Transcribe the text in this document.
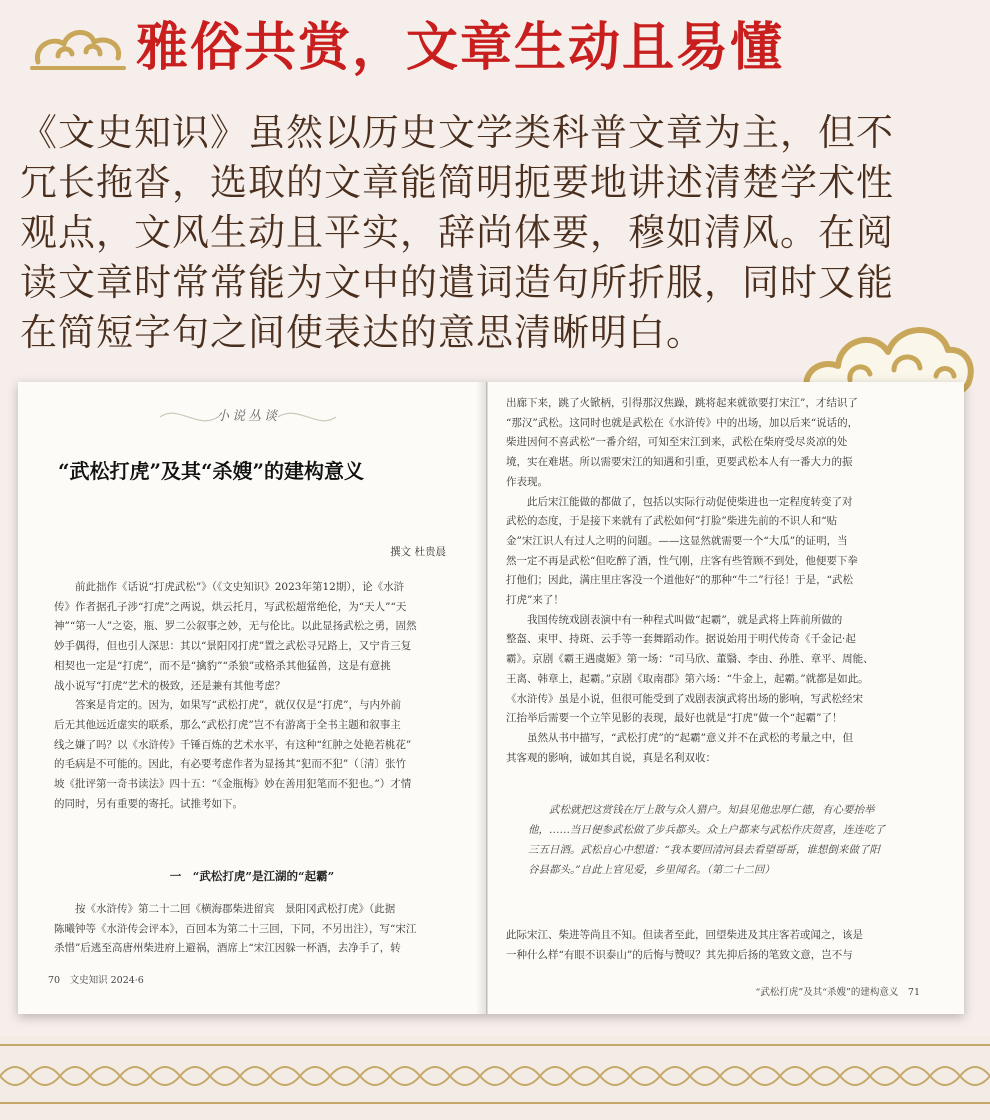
雅俗共赏，文章生动且易懂
《文史知识》虽然以历史文学类科普文章为主，但不
冗长拖沓，选取的文章能简明扼要地讲述清楚学术性
观点，文风生动且平实，辞尚体要，穆如清风。在阅
读文章时常常能为文中的遣词造句所折服，同时又能
在简短字句之间使表达的意思清晰明白。
小说丛谈
“武松打虎”及其“杀嫂”的建构意义
撰文 杜贵晨

前此拙作《话说“打虎武松”》（《文史知识》2023年第12期），论《水浒

传》作者据孔子涉“打虎”之两说，烘云托月，写武松超常绝伦，为“天人”“天

神”“第一人”之姿，瓶、罗二公叙事之妙，无与伦比。以此显扬武松之勇，固然

妙手偶得，但也引人深思：其以“景阳冈打虎”置之武松寻兄路上，又宁肯三复

相契也一定是“打虎”，而不是“擒豹”“杀狼”或格杀其他猛兽，这是有意挑

战小说写“打虎”艺术的极致，还是兼有其他考虑？

答案是肯定的。因为，如果写“武松打虎”，就仅仅是“打虎”，与内外前

后无其他远近虚实的联系，那么“武松打虎”岂不有游离于全书主题和叙事主

线之嫌了吗？以《水浒传》千锤百炼的艺术水平，有这种“红肿之处艳若桃花”

的毛病是不可能的。因此，有必要考虑作者为显扬其“犯而不犯”（〔清〕张竹

坡《批评第一奇书读法》四十五：“《金瓶梅》妙在善用犯笔而不犯也。”）才情

的同时，另有重要的寄托。试推考如下。

一　“武松打虎”是江湖的“起霸”

按《水浒传》第二十二回《横海郡柴进留宾　景阳冈武松打虎》（此据

陈曦钟等《水浒传会评本》，百回本为第二十三回，下同，不另出注），写“宋江

杀惜”后逃至高唐州柴进府上避祸，酒席上“宋江因躲一杯酒，去净手了，转

70　文史知识 2024·6

出廊下来，跳了火锨柄，引得那汉焦躁，跳将起来就欲要打宋江”，才结识了

“那汉”武松。这同时也就是武松在《水浒传》中的出场，加以后来“说话的，

柴进因何不喜武松”一番介绍，可知至宋江到来，武松在柴府受尽炎凉的处

境，实在难堪。所以需要宋江的知遇和引重，更要武松本人有一番大力的振

作表现。

此后宋江能做的都做了，包括以实际行动促使柴进也一定程度转变了对

武松的态度，于是接下来就有了武松如何“打脸”柴进先前的不识人和“贴

金”宋江识人有过人之明的问题。——这显然就需要一个“大瓜”的证明，当

然一定不再是武松“但吃醉了酒，性气刚，庄客有些管顾不到处，他便要下拳

打他们；因此，满庄里庄客没一个道他好”的那种“牛二”行径！于是，“武松

打虎”来了！

我国传统戏剧表演中有一种程式叫做“起霸”，就是武将上阵前所做的

整盔、束甲、持斑、云手等一套舞蹈动作。据说始用于明代传奇《千金记·起

霸》。京剧《霸王遇虞姬》第一场：“司马欣、董翳、李由、孙胜、章平、周能、

王离、韩章上，起霸。”京剧《取南郡》第六场：“牛金上，起霸。”就都是如此。

《水浒传》虽是小说，但很可能受到了戏剧表演武将出场的影响，写武松经宋

江抬举后需要一个立竿见影的表现，最好也就是“打虎”做一个“起霸”了！

虽然从书中描写，“武松打虎”的“起霸”意义并不在武松的考量之中，但

其客观的影响，诚如其自说，真是名利双收：

武松就把这赏钱在厅上散与众人猎户。知县见他忠厚仁德，有心要抬举

他，……当日便参武松做了步兵都头。众上户都来与武松作庆贺喜，连连吃了

三五日酒。武松自心中想道：“我本要回清河县去看望哥哥，谁想倒来做了阳

谷县都头。”自此上官见爱，乡里闻名。（第二十二回）

此际宋江、柴进等尚且不知。但读者至此，回望柴进及其庄客若或闻之，该是

一种什么样“有眼不识泰山”的后悔与赞叹？其先抑后扬的笔致文意，岂不与

“武松打虎”及其“杀嫂”的建构意义　71
